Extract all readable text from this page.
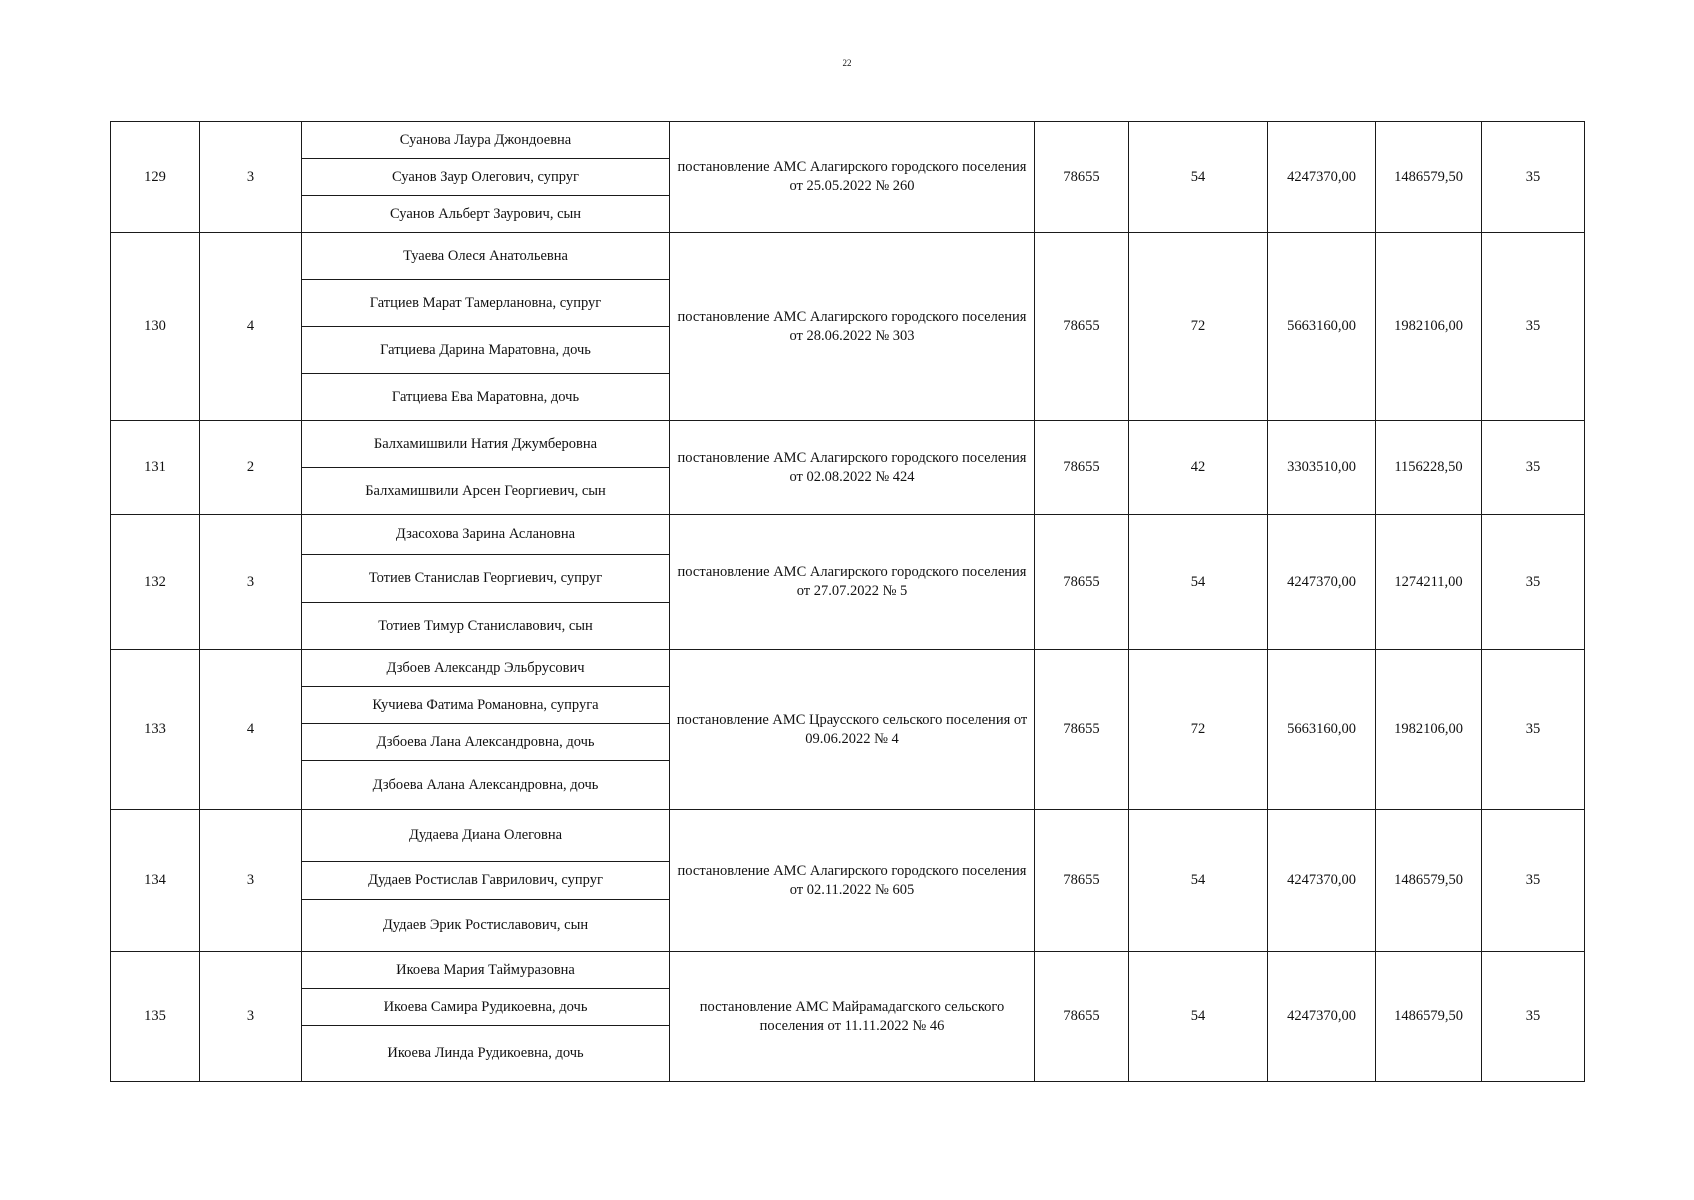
22
129	3	Суанова Лаура Джондоевна	постановление АМС Алагирского городского поселения от 25.05.2022 № 260	78655	54	4247370,00	1486579,50	35
		Суанов Заур Олегович, супруг						
		Суанов Альберт Заурович, сын						
130	4	Туаева Олеся Анатольевна	постановление АМС Алагирского городского поселения от 28.06.2022 № 303	78655	72	5663160,00	1982106,00	35
		Гатциев Марат Тамерлановна, супруг						
		Гатциева Дарина Маратовна, дочь						
		Гатциева Ева Маратовна, дочь						
131	2	Балхамишвили Натия Джумберовна	постановление АМС Алагирского городского поселения от 02.08.2022 № 424	78655	42	3303510,00	1156228,50	35
		Балхамишвили Арсен Георгиевич, сын						
132	3	Дзасохова Зарина Аслановна	постановление АМС Алагирского городского поселения от 27.07.2022 № 5	78655	54	4247370,00	1274211,00	35
		Тотиев Станислав Георгиевич, супруг						
		Тотиев Тимур Станиславович, сын						
133	4	Дзбоев Александр Эльбрусович	постановление АМС Цраусского сельского поселения от 09.06.2022 № 4	78655	72	5663160,00	1982106,00	35
		Кучиева Фатима Романовна, супруга						
		Дзбоева Лана Александровна, дочь						
		Дзбоева Алана Александровна, дочь						
134	3	Дудаева Диана Олеговна	постановление АМС Алагирского городского поселения от 02.11.2022 № 605	78655	54	4247370,00	1486579,50	35
		Дудаев Ростислав Гаврилович, супруг						
		Дудаев Эрик Ростиславович, сын						
135	3	Икоева Мария Таймуразовна	постановление АМС Майрамадагского сельского поселения от 11.11.2022 № 46	78655	54	4247370,00	1486579,50	35
		Икоева Самира Рудикоевна, дочь						
		Икоева Линда Рудикоевна, дочь						
